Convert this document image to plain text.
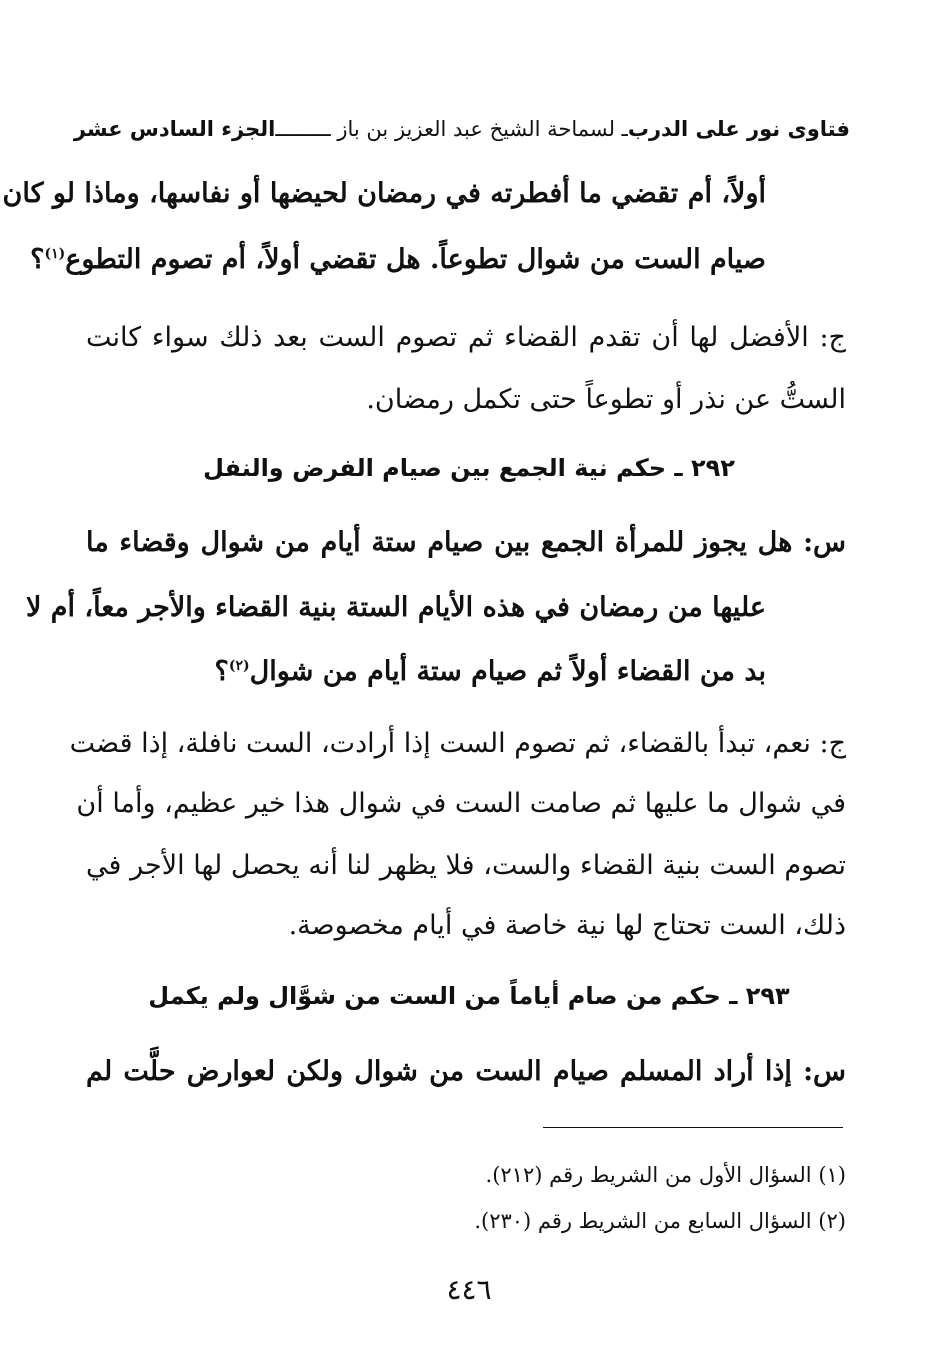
فتاوى نور على الدرب
ـ لسماحة الشيخ عبد العزيز بن باز ـــــــــ
الجزء السادس عشر
أولاً، أم تقضي ما أفطرته في رمضان لحيضها أو نفاسها، وماذا لو كان
صيام الست من شوال تطوعاً. هل تقضي أولاً، أم تصوم التطوع$^{(١)}$؟
ج: الأفضل لها أن تقدم القضاء ثم تصوم الست بعد ذلك سواء كانت
الستُّ عن نذر أو تطوعاً حتى تكمل رمضان.
٢٩٢ ـ حكم نية الجمع بين صيام الفرض والنفل
س: هل يجوز للمرأة الجمع بين صيام ستة أيام من شوال وقضاء ما
عليها من رمضان في هذه الأيام الستة بنية القضاء والأجر معاً، أم لا
بد من القضاء أولاً ثم صيام ستة أيام من شوال$^{(٢)}$؟
ج: نعم، تبدأ بالقضاء، ثم تصوم الست إذا أرادت، الست نافلة، إذا قضت
في شوال ما عليها ثم صامت الست في شوال هذا خير عظيم، وأما أن
تصوم الست بنية القضاء والست، فلا يظهر لنا أنه يحصل لها الأجر في
ذلك، الست تحتاج لها نية خاصة في أيام مخصوصة.
٢٩٣ ـ حكم من صام أياماً من الست من شوَّال ولم يكمل
س: إذا أراد المسلم صيام الست من شوال ولكن لعوارض حلَّت لم
(١) السؤال الأول من الشريط رقم (٢١٢).
(٢) السؤال السابع من الشريط رقم (٢٣٠).
٤٤٦
